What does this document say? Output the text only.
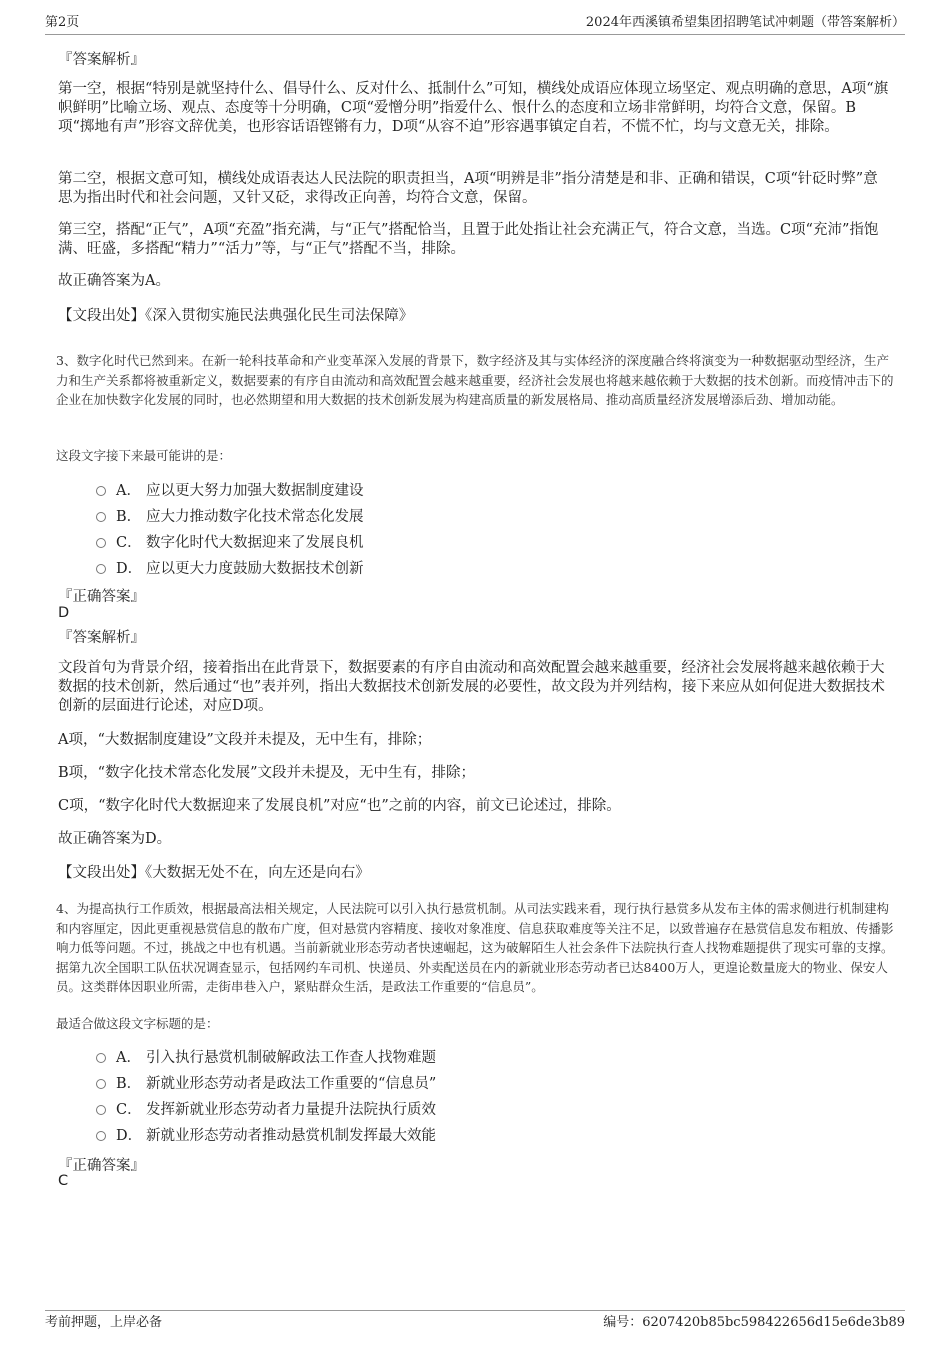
第2页	2024年西溪镇希望集团招聘笔试冲刺题（带答案解析）

『答案解析』

第一空，根据“特别是就坚持什么、倡导什么、反对什么、抵制什么”可知，横线处成语应体现立场坚定、观点明确的意思，A项“旗帜鲜明”比喻立场、观点、态度等十分明确，C项“爱憎分明”指爱什么、恨什么的态度和立场非常鲜明，均符合文意，保留。B项“掷地有声”形容文辞优美，也形容话语铿锵有力，D项“从容不迫”形容遇事镇定自若，不慌不忙，均与文意无关，排除。

第二空，根据文意可知，横线处成语表达人民法院的职责担当，A项“明辨是非”指分清楚是和非、正确和错误，C项“针砭时弊”意思为指出时代和社会问题，又针又砭，求得改正向善，均符合文意，保留。

第三空，搭配“正气”，A项“充盈”指充满，与“正气”搭配恰当，且置于此处指让社会充满正气，符合文意，当选。C项“充沛”指饱满、旺盛，多搭配“精力”“活力”等，与“正气”搭配不当，排除。

故正确答案为A。

【文段出处】《深入贯彻实施民法典强化民生司法保障》

3、数字化时代已然到来。在新一轮科技革命和产业变革深入发展的背景下，数字经济及其与实体经济的深度融合终将演变为一种数据驱动型经济，生产力和生产关系都将被重新定义，数据要素的有序自由流动和高效配置会越来越重要，经济社会发展也将越来越依赖于大数据的技术创新。而疫情冲击下的企业在加快数字化发展的同时，也必然期望和用大数据的技术创新发展为构建高质量的新发展格局、推动高质量经济发展增添后劲、增加动能。

这段文字接下来最可能讲的是：

A． 应以更大努力加强大数据制度建设
B． 应大力推动数字化技术常态化发展
C． 数字化时代大数据迎来了发展良机
D． 应以更大力度鼓励大数据技术创新

『正确答案』

D

『答案解析』

文段首句为背景介绍，接着指出在此背景下，数据要素的有序自由流动和高效配置会越来越重要，经济社会发展将越来越依赖于大数据的技术创新，然后通过“也”表并列，指出大数据技术创新发展的必要性，故文段为并列结构，接下来应从如何促进大数据技术创新的层面进行论述，对应D项。

A项，“大数据制度建设”文段并未提及，无中生有，排除；

B项，“数字化技术常态化发展”文段并未提及，无中生有，排除；

C项，“数字化时代大数据迎来了发展良机”对应“也”之前的内容，前文已论述过，排除。

故正确答案为D。

【文段出处】《大数据无处不在，向左还是向右》

4、为提高执行工作质效，根据最高法相关规定，人民法院可以引入执行悬赏机制。从司法实践来看，现行执行悬赏多从发布主体的需求侧进行机制建构和内容厘定，因此更重视悬赏信息的散布广度，但对悬赏内容精度、接收对象准度、信息获取难度等关注不足，以致普遍存在悬赏信息发布粗放、传播影响力低等问题。不过，挑战之中也有机遇。当前新就业形态劳动者快速崛起，这为破解陌生人社会条件下法院执行查人找物难题提供了现实可靠的支撑。据第九次全国职工队伍状况调查显示，包括网约车司机、快递员、外卖配送员在内的新就业形态劳动者已达8400万人，更遑论数量庞大的物业、保安人员。这类群体因职业所需，走街串巷入户，紧贴群众生活，是政法工作重要的“信息员”。

最适合做这段文字标题的是：

A． 引入执行悬赏机制破解政法工作查人找物难题
B． 新就业形态劳动者是政法工作重要的“信息员”
C． 发挥新就业形态劳动者力量提升法院执行质效
D． 新就业形态劳动者推动悬赏机制发挥最大效能

『正确答案』

C

考前押题，上岸必备	编号：6207420b85bc598422656d15e6de3b89
